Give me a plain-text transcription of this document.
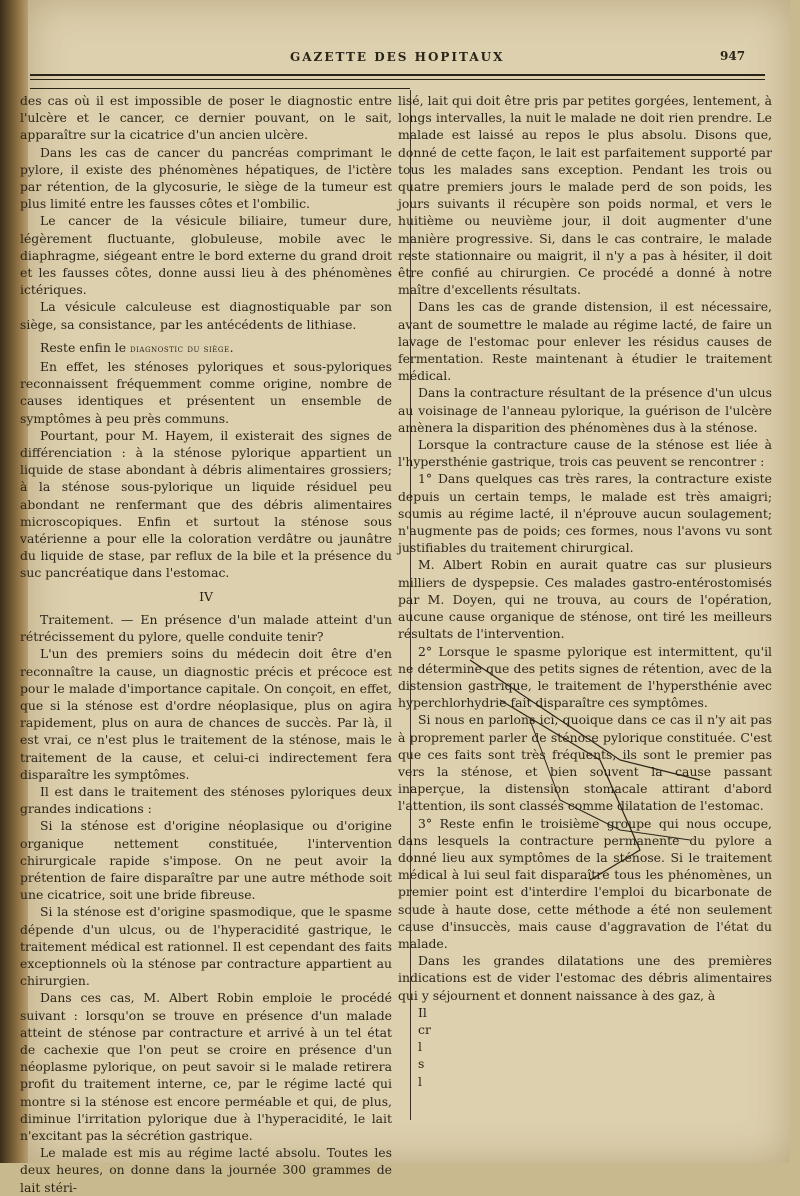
GAZETTE DES HOPITAUX	947

des cas où il est impossible de poser le diagnostic entre l'ulcère et le cancer, ce dernier pouvant, on le sait, apparaître sur la cicatrice d'un ancien ulcère.

Dans les cas de cancer du pancréas comprimant le pylore, il existe des phénomènes hépatiques, de l'ictère par rétention, de la glycosurie, le siège de la tumeur est plus limité entre les fausses côtes et l'ombilic.

Le cancer de la vésicule biliaire, tumeur dure, légèrement fluctuante, globuleuse, mobile avec le diaphragme, siégeant entre le bord externe du grand droit et les fausses côtes, donne aussi lieu à des phénomènes ictériques.

La vésicule calculeuse est diagnostiquable par son siège, sa consistance, par les antécédents de lithiase.

Reste enfin le diagnostic du siège.

En effet, les sténoses pyloriques et sous-pyloriques reconnaissent fréquemment comme origine, nombre de causes identiques et présentent un ensemble de symptômes à peu près communs.

Pourtant, pour M. Hayem, il existerait des signes de différenciation : à la sténose pylorique appartient un liquide de stase abondant à débris alimentaires grossiers; à la sténose sous-pylorique un liquide résiduel peu abondant ne renfermant que des débris alimentaires microscopiques. Enfin et surtout la sténose sous vatérienne a pour elle la coloration verdâtre ou jaunâtre du liquide de stase, par reflux de la bile et la présence du suc pancréatique dans l'estomac.

IV

Traitement. — En présence d'un malade atteint d'un rétrécissement du pylore, quelle conduite tenir?

L'un des premiers soins du médecin doit être d'en reconnaître la cause, un diagnostic précis et précoce est pour le malade d'importance capitale. On conçoit, en effet, que si la sténose est d'ordre néoplasique, plus on agira rapidement, plus on aura de chances de succès. Par là, il est vrai, ce n'est plus le traitement de la sténose, mais le traitement de la cause, et celui-ci indirectement fera disparaître les symptômes.

Il est dans le traitement des sténoses pyloriques deux grandes indications :

Si la sténose est d'origine néoplasique ou d'origine organique nettement constituée, l'intervention chirurgicale rapide s'impose. On ne peut avoir la prétention de faire disparaître par une autre méthode soit une cicatrice, soit une bride fibreuse.

Si la sténose est d'origine spasmodique, que le spasme dépende d'un ulcus, ou de l'hyperacidité gastrique, le traitement médical est rationnel. Il est cependant des faits exceptionnels où la sténose par contracture appartient au chirurgien.

Dans ces cas, M. Albert Robin emploie le procédé suivant : lorsqu'on se trouve en présence d'un malade atteint de sténose par contracture et arrivé à un tel état de cachexie que l'on peut se croire en présence d'un néoplasme pylorique, on peut savoir si le malade retirera profit du traitement interne, ce, par le régime lacté qui montre si la sténose est encore perméable et qui, de plus, diminue l'irritation pylorique due à l'hyperacidité, le lait n'excitant pas la sécrétion gastrique.

Le malade est mis au régime lacté absolu. Toutes les deux heures, on donne dans la journée 300 grammes de lait stéri-

lisé, lait qui doit être pris par petites gorgées, lentement, à longs intervalles, la nuit le malade ne doit rien prendre. Le malade est laissé au repos le plus absolu. Disons que, donné de cette façon, le lait est parfaitement supporté par tous les malades sans exception. Pendant les trois ou quatre premiers jours le malade perd de son poids, les jours suivants il récupère son poids normal, et vers le huitième ou neuvième jour, il doit augmenter d'une manière progressive. Si, dans le cas contraire, le malade reste stationnaire ou maigrit, il n'y a pas à hésiter, il doit être confié au chirurgien. Ce procédé a donné à notre maître d'excellents résultats.

Dans les cas de grande distension, il est nécessaire, avant de soumettre le malade au régime lacté, de faire un lavage de l'estomac pour enlever les résidus causes de fermentation. Reste maintenant à étudier le traitement médical.

Dans la contracture résultant de la présence d'un ulcus au voisinage de l'anneau pylorique, la guérison de l'ulcère amènera la disparition des phénomènes dus à la sténose.

Lorsque la contracture cause de la sténose est liée à l'hypersthénie gastrique, trois cas peuvent se rencontrer :

1° Dans quelques cas très rares, la contracture existe depuis un certain temps, le malade est très amaigri; soumis au régime lacté, il n'éprouve aucun soulagement; n'augmente pas de poids; ces formes, nous l'avons vu sont justifiables du traitement chirurgical.

M. Albert Robin en aurait quatre cas sur plusieurs milliers de dyspepsie. Ces malades gastro-entérostomisés par M. Doyen, qui ne trouva, au cours de l'opération, aucune cause organique de sténose, ont tiré les meilleurs résultats de l'intervention.

2° Lorsque le spasme pylorique est intermittent, qu'il ne détermine que des petits signes de rétention, avec de la distension gastrique, le traitement de l'hypersthénie avec hyperchlorhydrie fait disparaître ces symptômes.

Si nous en parlons ici, quoique dans ce cas il n'y ait pas à proprement parler de sténose pylorique constituée. C'est que ces faits sont très fréquents, ils sont le premier pas vers la sténose, et bien souvent la cause passant inaperçue, la distension stomacale attirant d'abord l'attention, ils sont classés comme dilatation de l'estomac.

3° Reste enfin le troisième groupe qui nous occupe, dans lesquels la contracture permanente du pylore a donné lieu aux symptômes de la sténose. Si le traitement médical à lui seul fait disparaître tous les phénomènes, un premier point est d'interdire l'emploi du bicarbonate de soude à haute dose, cette méthode a été non seulement cause d'insuccès, mais cause d'aggravation de l'état du malade.

Dans les grandes dilatations une des premières indications est de vider l'estomac des débris alimentaires qui y séjournent et donnent naissance à des gaz, à

Il

cr

l

s

l
